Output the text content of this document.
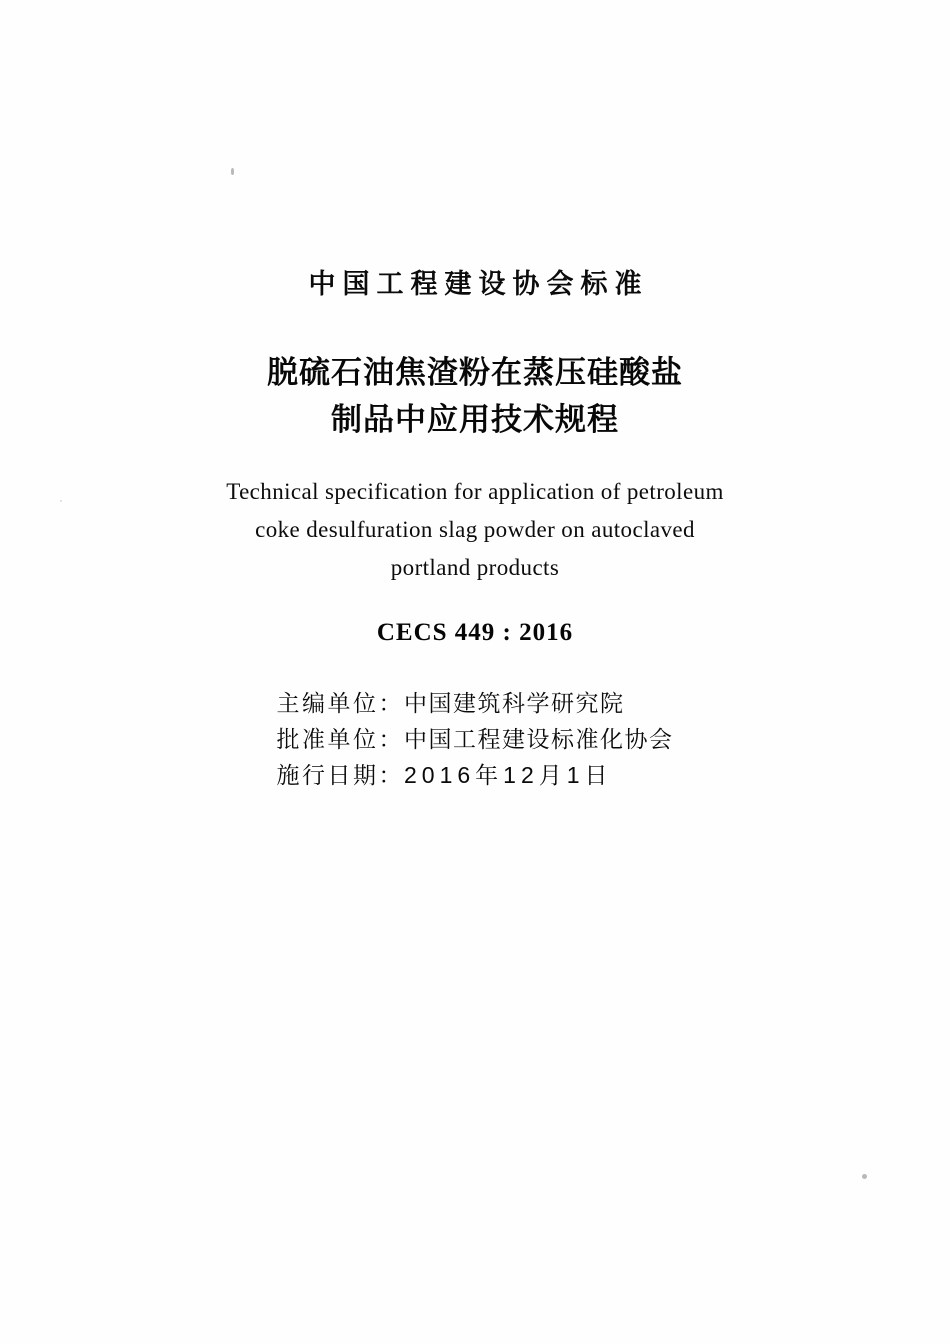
中国工程建设协会标准
脱硫石油焦渣粉在蒸压硅酸盐
制品中应用技术规程
Technical specification for application of petroleum
coke desulfuration slag powder on autoclaved
portland products
CECS 449 : 2016
主编单位：中国建筑科学研究院
批准单位：中国工程建设标准化协会
施行日期：2016年12月1日
